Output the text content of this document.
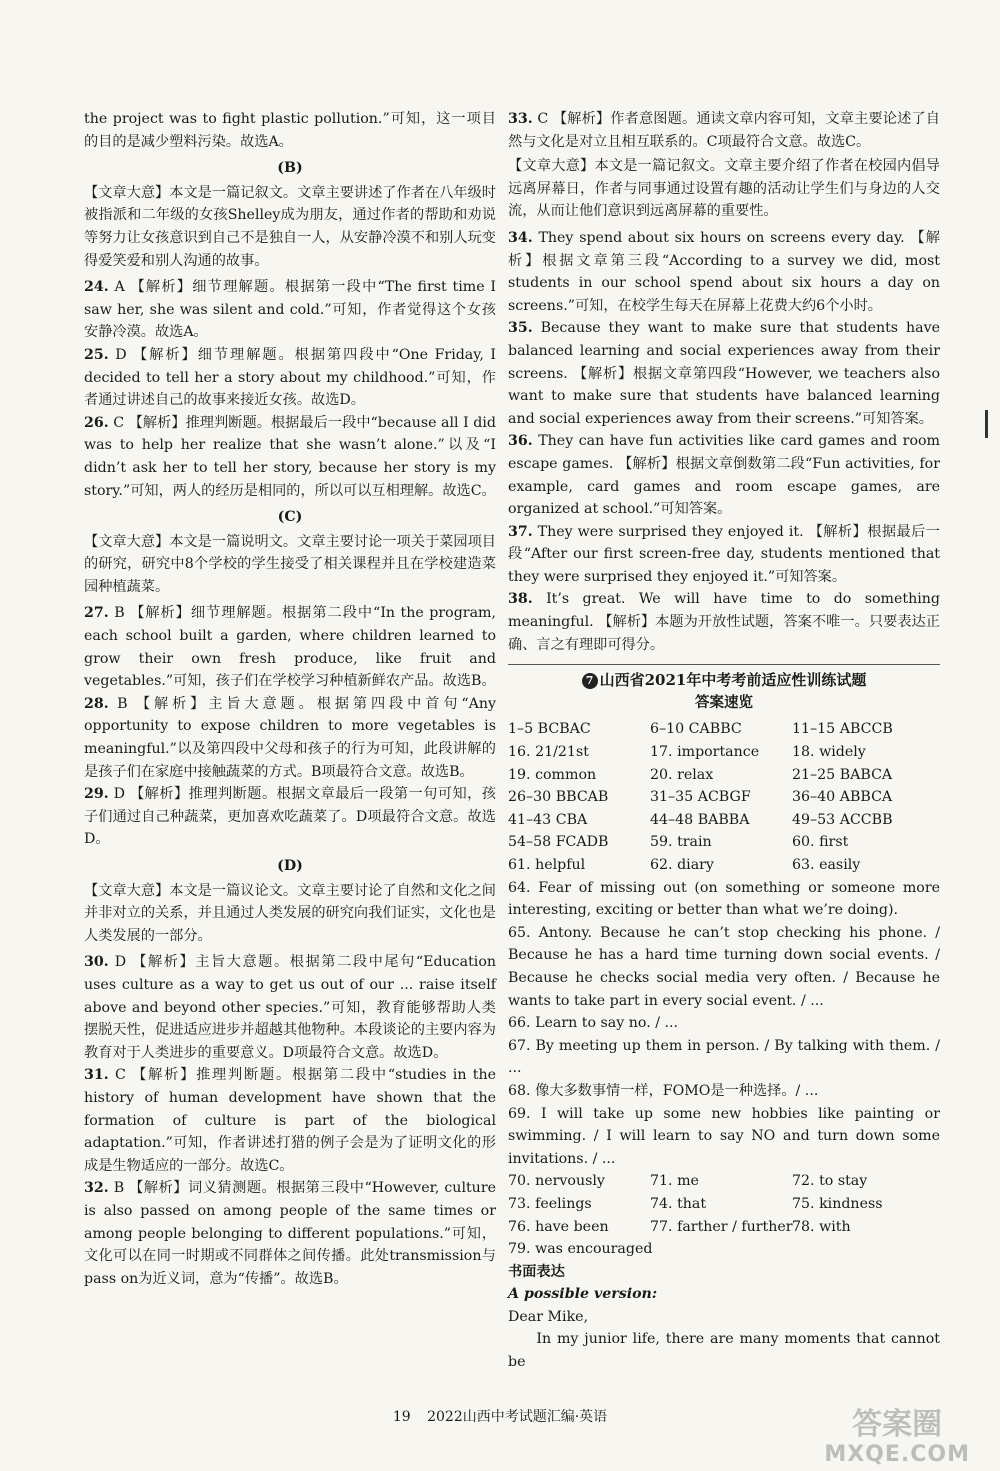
the project was to fight plastic pollution.”可知，这一项目的目的是减少塑料污染。故选A。
(B)
【文章大意】本文是一篇记叙文。文章主要讲述了作者在八年级时被指派和二年级的女孩Shelley成为朋友，通过作者的帮助和劝说等努力让女孩意识到自己不是独自一人，从安静冷漠不和别人玩变得爱笑爱和别人沟通的故事。
24. A 【解析】细节理解题。根据第一段中“The first time I saw her, she was silent and cold.”可知，作者觉得这个女孩安静冷漠。故选A。
25. D 【解析】细节理解题。根据第四段中“One Friday, I decided to tell her a story about my childhood.”可知，作者通过讲述自己的故事来接近女孩。故选D。
26. C 【解析】推理判断题。根据最后一段中“because all I did was to help her realize that she wasn’t alone.”以及“I didn’t ask her to tell her story, because her story is my story.”可知，两人的经历是相同的，所以可以互相理解。故选C。
(C)
【文章大意】本文是一篇说明文。文章主要讨论一项关于菜园项目的研究，研究中8个学校的学生接受了相关课程并且在学校建造菜园种植蔬菜。
27. B 【解析】细节理解题。根据第二段中“In the program, each school built a garden, where children learned to grow their own fresh produce, like fruit and vegetables.”可知，孩子们在学校学习种植新鲜农产品。故选B。
28. B 【解析】主旨大意题。根据第四段中首句“Any opportunity to expose children to more vegetables is meaningful.”以及第四段中父母和孩子的行为可知，此段讲解的是孩子们在家庭中接触蔬菜的方式。B项最符合文意。故选B。
29. D 【解析】推理判断题。根据文章最后一段第一句可知，孩子们通过自己种蔬菜，更加喜欢吃蔬菜了。D项最符合文意。故选D。
(D)
【文章大意】本文是一篇议论文。文章主要讨论了自然和文化之间并非对立的关系，并且通过人类发展的研究向我们证实，文化也是人类发展的一部分。
30. D 【解析】主旨大意题。根据第二段中尾句“Education uses culture as a way to get us out of our ... raise itself above and beyond other species.”可知，教育能够帮助人类摆脱天性，促进适应进步并超越其他物种。本段谈论的主要内容为教育对于人类进步的重要意义。D项最符合文意。故选D。
31. C 【解析】推理判断题。根据第二段中“studies in the history of human development have shown that the formation of culture is part of the biological adaptation.”可知，作者讲述打猎的例子会是为了证明文化的形成是生物适应的一部分。故选C。
32. B 【解析】词义猜测题。根据第三段中“However, culture is also passed on among people of the same times or among people belonging to different populations.”可知，文化可以在同一时期或不同群体之间传播。此处transmission与pass on为近义词，意为“传播”。故选B。
33. C 【解析】作者意图题。通读文章内容可知，文章主要论述了自然与文化是对立且相互联系的。C项最符合文意。故选C。
【文章大意】本文是一篇记叙文。文章主要介绍了作者在校园内倡导远离屏幕日，作者与同事通过设置有趣的活动让学生们与身边的人交流，从而让他们意识到远离屏幕的重要性。
34. They spend about six hours on screens every day. 【解析】根据文章第三段“According to a survey we did, most students in our school spend about six hours a day on screens.”可知，在校学生每天在屏幕上花费大约6个小时。
35. Because they want to make sure that students have balanced learning and social experiences away from their screens. 【解析】根据文章第四段“However, we teachers also want to make sure that students have balanced learning and social experiences away from their screens.”可知答案。
36. They can have fun activities like card games and room escape games. 【解析】根据文章倒数第二段“Fun activities, for example, card games and room escape games, are organized at school.”可知答案。
37. They were surprised they enjoyed it. 【解析】根据最后一段“After our first screen-free day, students mentioned that they were surprised they enjoyed it.”可知答案。
38. It’s great. We will have time to do something meaningful. 【解析】本题为开放性试题，答案不唯一。只要表达正确、言之有理即可得分。
7 山西省2021年中考考前适应性训练试题
答案速览
1–5 BCBAC	6–10 CABBC	11–15 ABCCB
16. 21/21st	17. importance	18. widely
19. common	20. relax	21–25 BABCA
26–30 BBCAB	31–35 ACBGF	36–40 ABBCA
41–43 CBA	44–48 BABBA	49–53 ACCBB
54–58 FCADB	59. train	60. first
61. helpful	62. diary	63. easily
64. Fear of missing out (on something or someone more interesting, exciting or better than what we’re doing).
65. Antony. Because he can’t stop checking his phone. / Because he has a hard time turning down social events. / Because he checks social media very often. / Because he wants to take part in every social event. / ...
66. Learn to say no. / ...
67. By meeting up them in person. / By talking with them. / ...
68. 像大多数事情一样，FOMO是一种选择。/ ...
69. I will take up some new hobbies like painting or swimming. / I will learn to say NO and turn down some invitations. / ...
70. nervously	71. me	72. to stay
73. feelings	74. that	75. kindness
76. have been	77. farther / further 78. with
79. was encouraged
书面表达
A possible version:
Dear Mike,
In my junior life, there are many moments that cannot be
19 2022山西中考试题汇编·英语	答案圈
MXQE.COM
